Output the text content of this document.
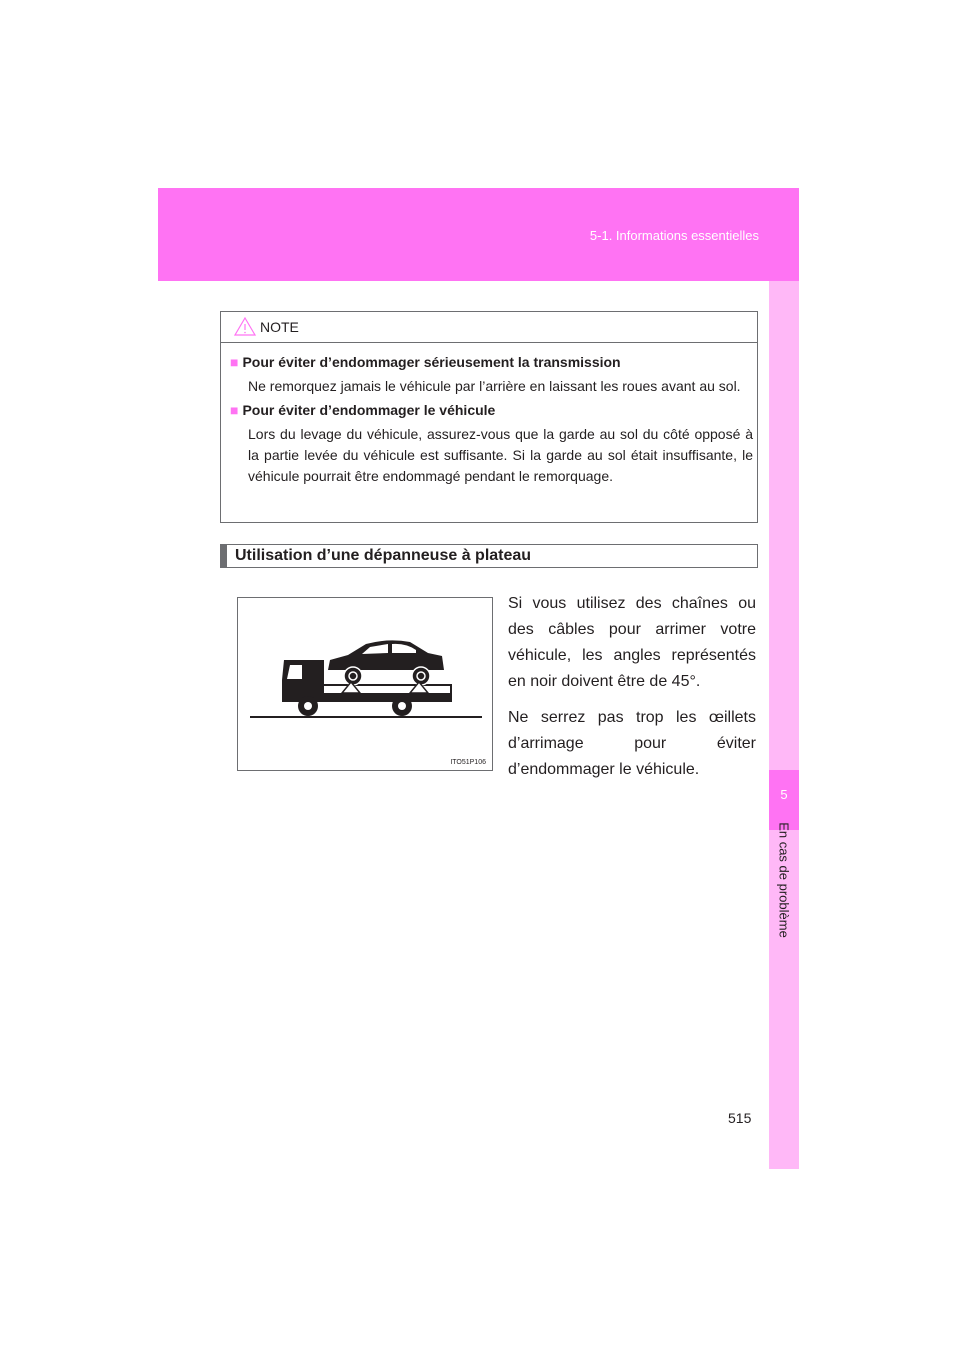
5-1. Informations essentielles
5
En cas de problème
NOTE
■ Pour éviter d’endommager sérieusement la transmission
Ne remorquez jamais le véhicule par l’arrière en laissant les roues avant au sol.
■ Pour éviter d’endommager le véhicule
Lors du levage du véhicule, assurez-vous que la garde au sol du côté opposé à la partie levée du véhicule est suffisante. Si la garde au sol était insuffisante, le véhicule pourrait être endommagé pendant le remorquage.
Utilisation d’une dépanneuse à plateau
ITO51P106

Si vous utilisez des chaînes ou des câbles pour arrimer votre véhicule, les angles représentés en noir doivent être de 45°.

Ne serrez pas trop les œillets d’arrimage pour éviter d’endommager le véhicule.

515
